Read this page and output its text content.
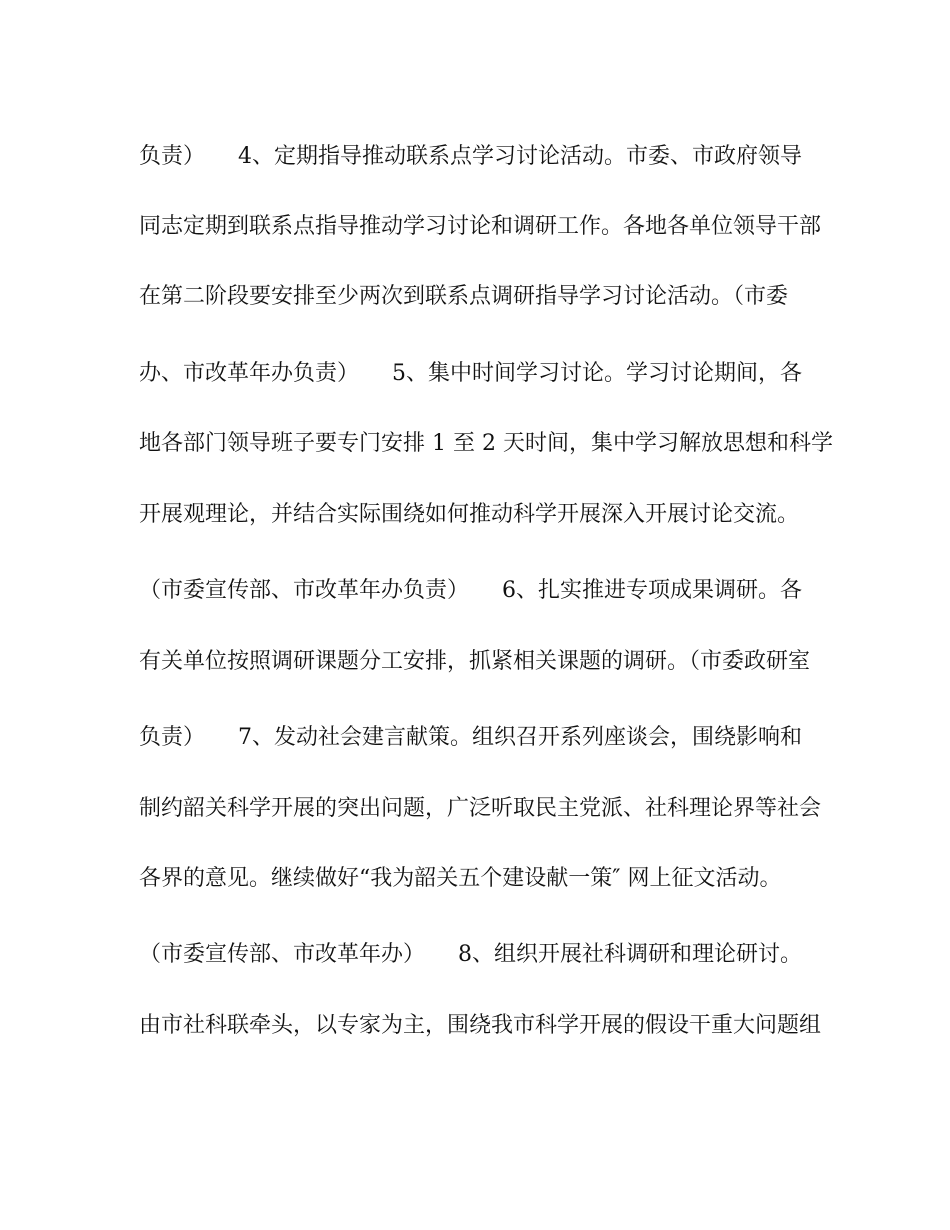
负责）　　4、定期指导推动联系点学习讨论活动。市委、市政府领导
同志定期到联系点指导推动学习讨论和调研工作。各地各单位领导干部
在第二阶段要安排至少两次到联系点调研指导学习讨论活动。（市委
办、市改革年办负责）　　5、集中时间学习讨论。学习讨论期间，各
地各部门领导班子要专门安排 1 至 2 天时间，集中学习解放思想和科学
开展观理论，并结合实际围绕如何推动科学开展深入开展讨论交流。
（市委宣传部、市改革年办负责）　　6、扎实推进专项成果调研。各
有关单位按照调研课题分工安排，抓紧相关课题的调研。（市委政研室
负责）　　7、发动社会建言献策。组织召开系列座谈会，围绕影响和
制约韶关科学开展的突出问题，广泛听取民主党派、社科理论界等社会
各界的意见。继续做好“我为韶关五个建设献一策″ 网上征文活动。
（市委宣传部、市改革年办）　　8、组织开展社科调研和理论研讨。
由市社科联牵头，以专家为主，围绕我市科学开展的假设干重大问题组
